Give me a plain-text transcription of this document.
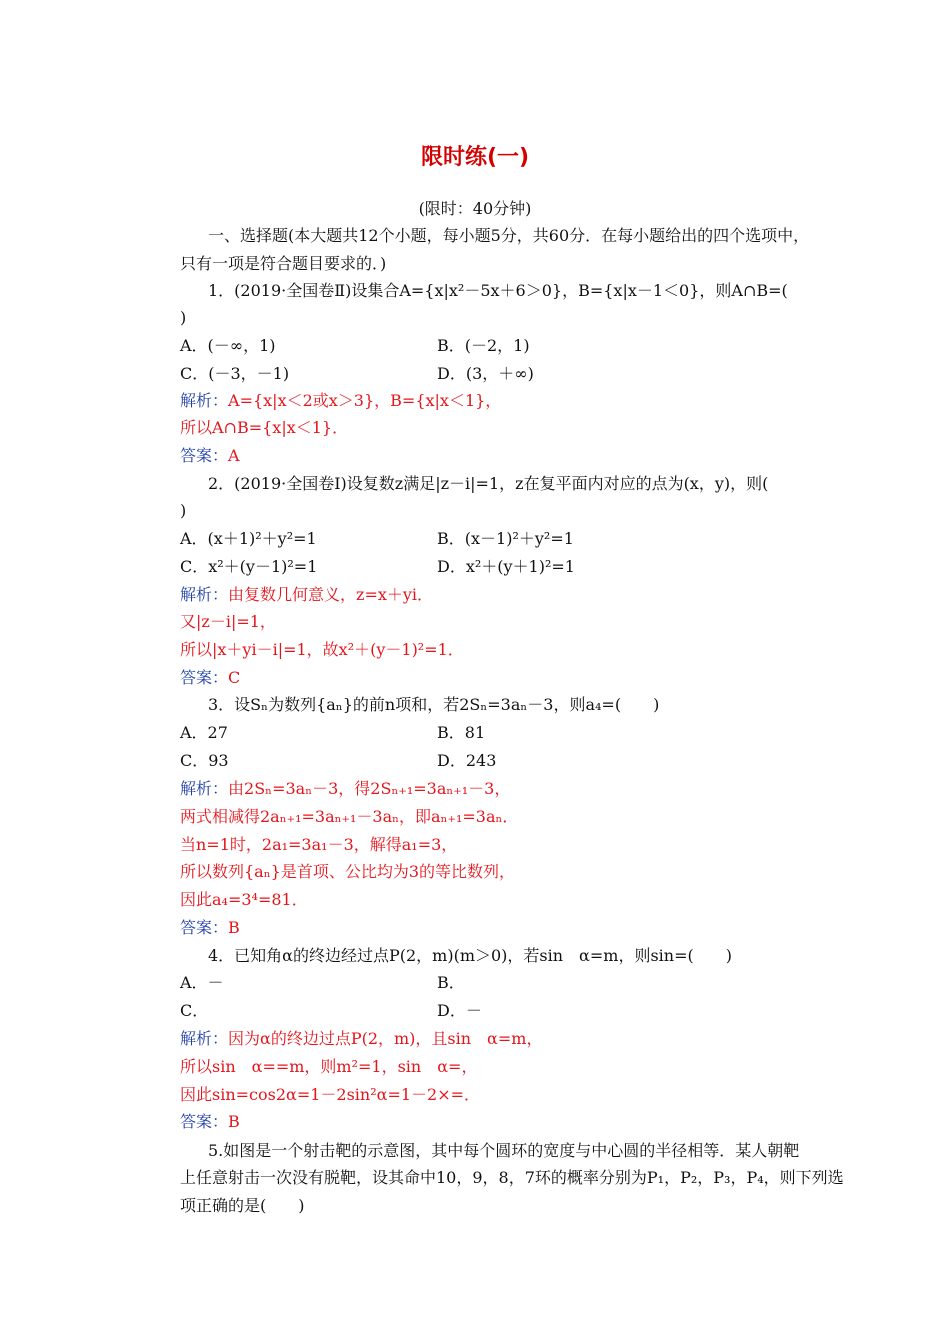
限时练(一)
(限时：40分钟)
一、选择题(本大题共12个小题，每小题5分，共60分．在每小题给出的四个选项中，
只有一项是符合题目要求的．)
1．(2019·全国卷Ⅱ)设集合A={x|x²－5x＋6＞0}，B={x|x－1＜0}，则A∩B=(
)
A．(－∞，1)	B．(－2，1)
C．(－3，－1)	D．(3，＋∞)
解析：A={x|x＜2或x＞3}，B={x|x＜1}，
所以A∩B={x|x＜1}．
答案：A
2．(2019·全国卷Ⅰ)设复数z满足|z－i|=1，z在复平面内对应的点为(x，y)，则(
)
A．(x＋1)²＋y²=1	B．(x－1)²＋y²=1
C．x²＋(y－1)²=1	D．x²＋(y＋1)²=1
解析：由复数几何意义，z=x＋yi．
又|z－i|=1，
所以|x＋yi－i|=1，故x²＋(y－1)²=1．
答案：C
3．设Sₙ为数列{aₙ}的前n项和，若2Sₙ=3aₙ－3，则a₄=(　　)
A．27	B．81
C．93	D．243
解析：由2Sₙ=3aₙ－3，得2Sₙ₊₁=3aₙ₊₁－3，
两式相减得2aₙ₊₁=3aₙ₊₁－3aₙ，即aₙ₊₁=3aₙ．
当n=1时，2a₁=3a₁－3，解得a₁=3，
所以数列{aₙ}是首项、公比均为3的等比数列，
因此a₄=3⁴=81．
答案：B
4．已知角α的终边经过点P(2，m)(m＞0)，若sin　α=m，则sin=(　　)
A．－	B．
C．	D．－
解析：因为α的终边过点P(2，m)，且sin　α=m，
所以sin　α==m，则m²=1，sin　α=，
因此sin=cos2α=1－2sin²α=1－2×=．
答案：B
5.如图是一个射击靶的示意图，其中每个圆环的宽度与中心圆的半径相等．某人朝靶
上任意射击一次没有脱靶，设其命中10，9，8，7环的概率分别为P₁，P₂，P₃，P₄，则下列选
项正确的是(　　)
